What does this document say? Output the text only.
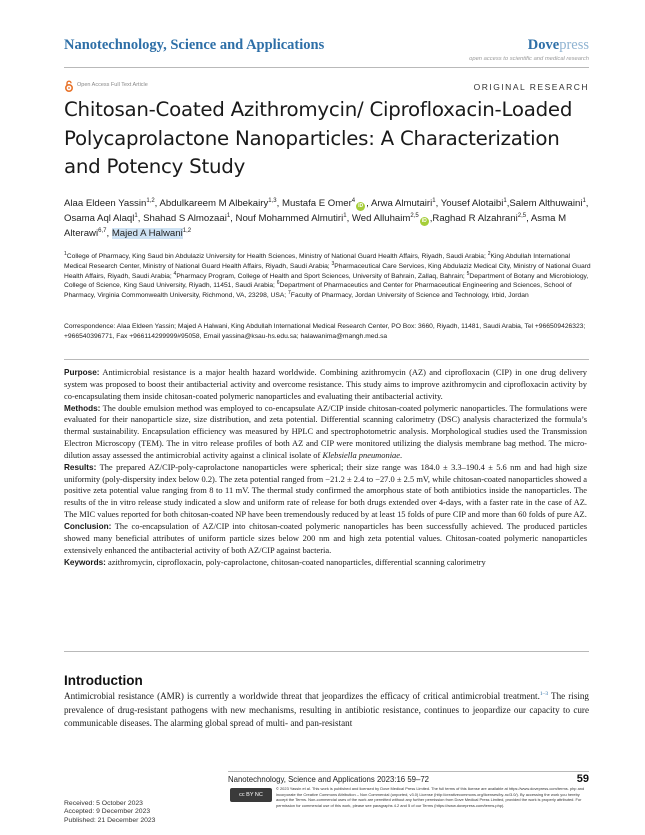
Nanotechnology, Science and Applications	Dovepress
open access to scientific and medical research
Open Access Full Text Article	ORIGINAL RESEARCH
Chitosan-Coated Azithromycin/ Ciprofloxacin-Loaded Polycaprolactone Nanoparticles: A Characterization and Potency Study
Alaa Eldeen Yassin$^{1,2}$, Abdulkareem M Albekairy$^{1,3}$, Mustafa E Omer$^4$iD , Arwa Almutairi$^1$, Yousef Alotaibi$^1$,Salem Althuwaini$^1$, Osama Aql Alaql$^1$, Shahad S Almozaai$^1$, Nouf Mohammed Almutiri$^1$, Wed Alluhaim$^{2,5}$iD ,Raghad R Alzahrani$^{2,5}$, Asma M Alterawi$^{6,7}$, Majed A Halwani$^{1,2}$
$^1$College of Pharmacy, King Saud bin Abdulaziz University for Health Sciences, Ministry of National Guard Health Affairs, Riyadh, Saudi Arabia; $^2$King Abdullah International Medical Research Center, Ministry of National Guard Health Affairs, Riyadh, Saudi Arabia; $^3$Pharmaceutical Care Services, King Abdulaziz Medical City, Ministry of National Guard Health Affairs, Riyadh, Saudi Arabia; $^4$Pharmacy Program, College of Health and Sport Sciences, University of Bahrain, Zallaq, Bahrain; $^5$Department of Botany and Microbiology, College of Science, King Saud University, Riyadh, 11451, Saudi Arabia; $^6$Department of Pharmaceutics and Center for Pharmaceutical Engineering and Sciences, School of Pharmacy, Virginia Commonwealth University, Richmond, VA, 23298, USA; $^7$Faculty of Pharmacy, Jordan University of Science and Technology, Irbid, Jordan
Correspondence: Alaa Eldeen Yassin; Majed A Halwani, King Abdullah International Medical Research Center, PO Box: 3660, Riyadh, 11481, Saudi Arabia, Tel +966509426323; +966540396771, Fax +966114299999#95058, Email yassina@ksau-hs.edu.sa; halawanima@mangh.med.sa
Purpose: Antimicrobial resistance is a major health hazard worldwide. Combining azithromycin (AZ) and ciprofloxacin (CIP) in one drug delivery system was proposed to boost their antibacterial activity and overcome resistance. This study aims to improve azithromycin and ciprofloxacin activity by co-encapsulating them inside chitosan-coated polymeric nanoparticles and evaluating their antibacterial activity.
Methods: The double emulsion method was employed to co-encapsulate AZ/CIP inside chitosan-coated polymeric nanoparticles. The formulations were evaluated for their nanoparticle size, size distribution, and zeta potential. Differential scanning calorimetry (DSC) analysis characterized the formula’s thermal sustainability. Encapsulation efficiency was measured by HPLC and spectrophotometric analysis. Morphological studies used the Transmission Electron Microscopy (TEM). The in vitro release profiles of both AZ and CIP were monitored utilizing the dialysis membrane bag method. The micro-dilution assay assessed the antimicrobial activity against a clinical isolate of Klebsiella pneumoniae.
Results: The prepared AZ/CIP-poly-caprolactone nanoparticles were spherical; their size range was 184.0 ± 3.3–190.4 ± 5.6 nm and had high size uniformity (poly-dispersity index below 0.2). The zeta potential ranged from −21.2 ± 2.4 to −27.0 ± 2.5 mV, while chitosan-coated nanoparticles showed a positive zeta potential value ranging from 8 to 11 mV. The thermal study confirmed the amorphous state of both antibiotics inside the nanoparticles. The results of the in vitro release study indicated a slow and uniform rate of release for both drugs extended over 4-days, with a faster rate in the case of AZ. The MIC values reported for both chitosan-coated NP have been tremendously reduced by at least 15 folds of pure CIP and more than 60 folds of pure AZ.
Conclusion: The co-encapsulation of AZ/CIP into chitosan-coated polymeric nanoparticles has been successfully achieved. The produced particles showed many beneficial attributes of uniform particle sizes below 200 nm and high zeta potential values. Chitosan-coated polymeric nanoparticles extensively enhanced the antibacterial activity of both AZ/CIP against bacteria.
Keywords: azithromycin, ciprofloxacin, poly-caprolactone, chitosan-coated nanoparticles, differential scanning calorimetry
Introduction
Antimicrobial resistance (AMR) is currently a worldwide threat that jeopardizes the efficacy of critical antimicrobial treatment.$^{1-3}$ The rising prevalence of drug-resistant pathogens with new mechanisms, resulting in antibiotic resistance, continues to jeopardize our capacity to cure communicable diseases. The alarming global spread of multi- and pan-resistant
Nanotechnology, Science and Applications 2023:16 59–72	59
Received: 5 October 2023
Accepted: 9 December 2023
Published: 21 December 2023
cc BY NC
© 2023 Yassin et al. This work is published and licensed by Dove Medical Press Limited. The full terms of this license are available at https://www.dovepress.com/terms. php and incorporate the Creative Commons Attribution – Non Commercial (unported, v3.0) License (http://creativecommons.org/licenses/by-nc/3.0/). By accessing the work you hereby accept the Terms. Non-commercial uses of the work are permitted without any further permission from Dove Medical Press Limited, provided the work is properly attributed. For permission for commercial use of this work, please see paragraphs 4.2 and 5 of our Terms (https://www.dovepress.com/terms.php).
